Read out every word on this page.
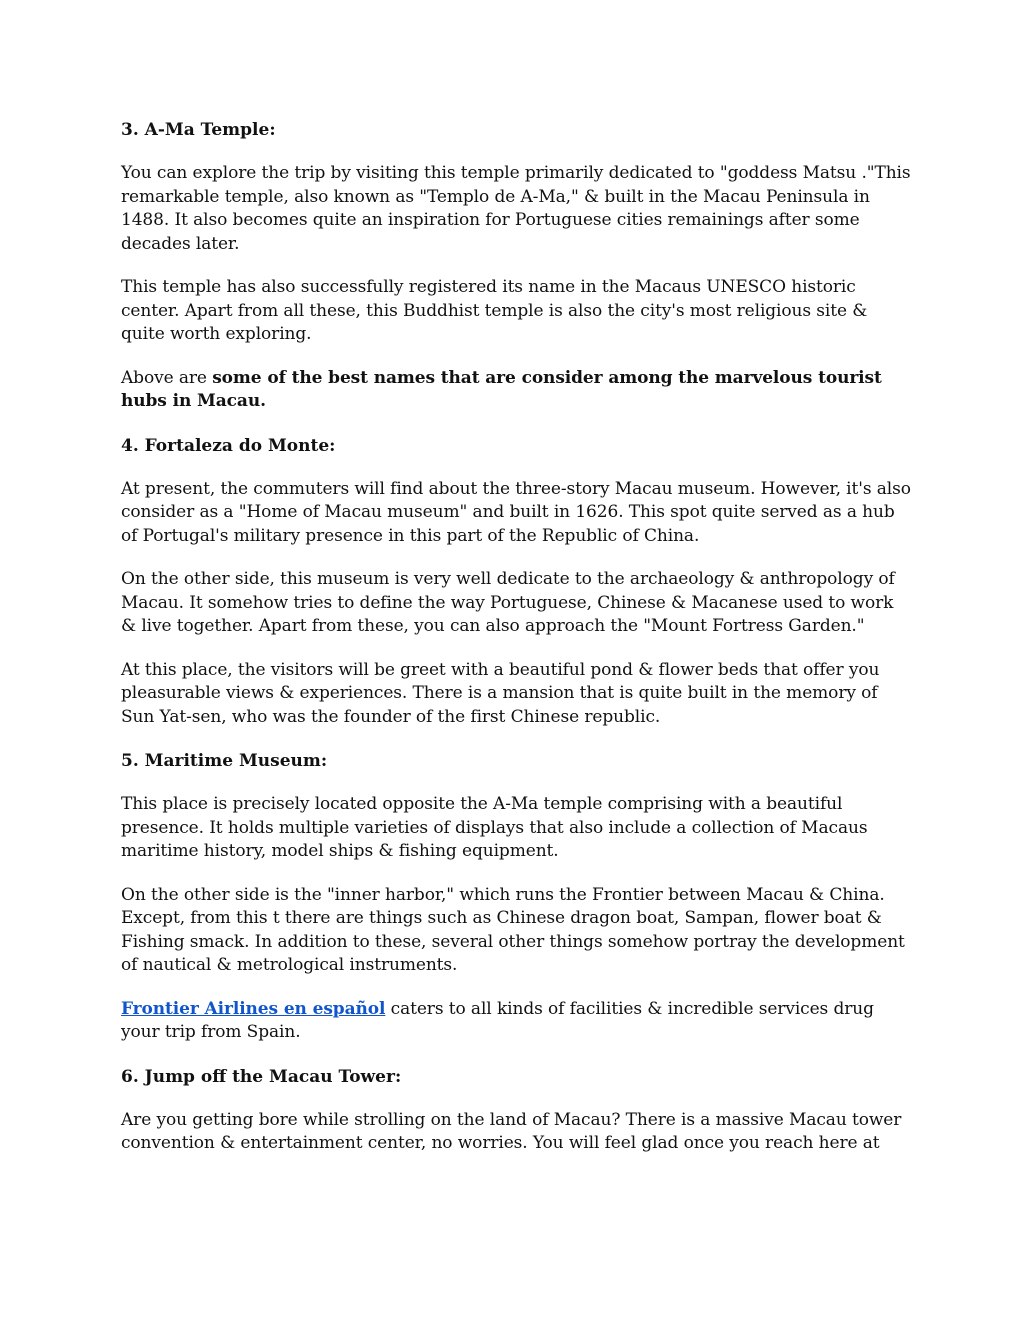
3. A-Ma Temple:
You can explore the trip by visiting this temple primarily dedicated to "goddess Matsu ."This remarkable temple, also known as "Templo de A-Ma," & built in the Macau Peninsula in 1488. It also becomes quite an inspiration for Portuguese cities remainings after some decades later.
This temple has also successfully registered its name in the Macaus UNESCO historic center. Apart from all these, this Buddhist temple is also the city's most religious site & quite worth exploring.
Above are some of the best names that are consider among the marvelous tourist hubs in Macau.
4. Fortaleza do Monte:
At present, the commuters will find about the three-story Macau museum. However, it's also consider as a "Home of Macau museum" and built in 1626. This spot quite served as a hub of Portugal's military presence in this part of the Republic of China.
On the other side, this museum is very well dedicate to the archaeology & anthropology of Macau. It somehow tries to define the way Portuguese, Chinese & Macanese used to work & live together. Apart from these, you can also approach the "Mount Fortress Garden."
At this place, the visitors will be greet with a beautiful pond & flower beds that offer you pleasurable views & experiences. There is a mansion that is quite built in the memory of Sun Yat-sen, who was the founder of the first Chinese republic.
5. Maritime Museum:
This place is precisely located opposite the A-Ma temple comprising with a beautiful presence. It holds multiple varieties of displays that also include a collection of Macaus maritime history, model ships & fishing equipment.
On the other side is the "inner harbor," which runs the Frontier between Macau & China. Except, from this t there are things such as Chinese dragon boat, Sampan, flower boat & Fishing smack. In addition to these, several other things somehow portray the development of nautical & metrological instruments.
Frontier Airlines en español caters to all kinds of facilities & incredible services drug your trip from Spain.
6. Jump off the Macau Tower:
Are you getting bore while strolling on the land of Macau? There is a massive Macau tower convention & entertainment center, no worries. You will feel glad once you reach here at
